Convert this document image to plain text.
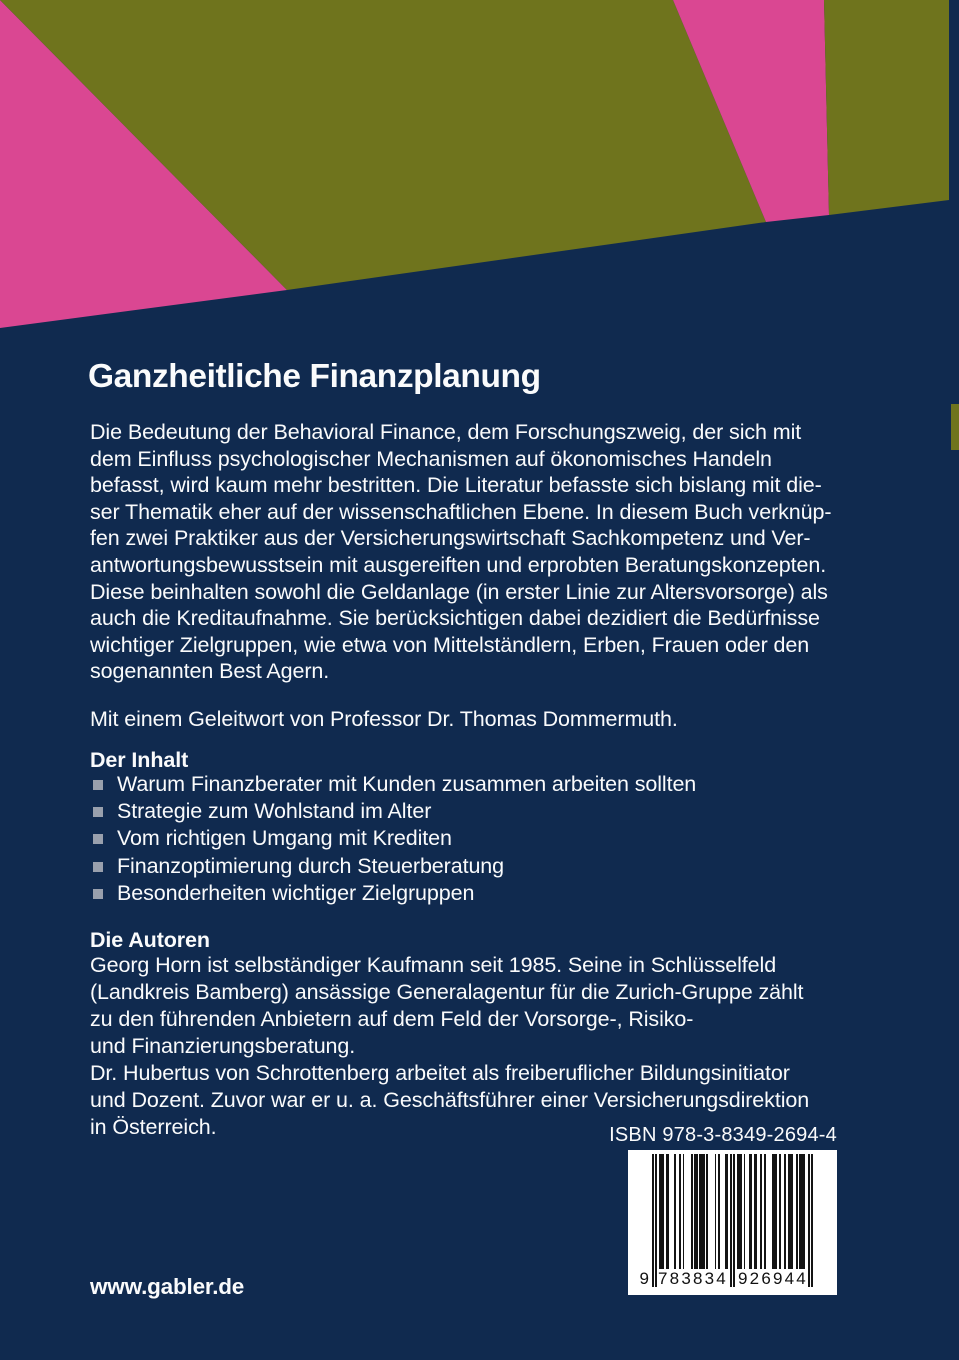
Ganzheitliche Finanzplanung
Die Bedeutung der Behavioral Finance, dem Forschungszweig, der sich mit
dem Einfluss psychologischer Mechanismen auf ökonomisches Handeln
befasst, wird kaum mehr bestritten. Die Literatur befasste sich bislang mit die-
ser Thematik eher auf der wissenschaftlichen Ebene. In diesem Buch verknüp-
fen zwei Praktiker aus der Versicherungswirtschaft Sachkompetenz und Ver-
antwortungsbewusstsein mit ausgereiften und erprobten Beratungskonzepten.
Diese beinhalten sowohl die Geldanlage (in erster Linie zur Altersvorsorge) als
auch die Kreditaufnahme. Sie berücksichtigen dabei dezidiert die Bedürfnisse
wichtiger Zielgruppen, wie etwa von Mittelständlern, Erben, Frauen oder den
sogenannten Best Agern.
Mit einem Geleitwort von Professor Dr. Thomas Dommermuth.
Der Inhalt
Warum Finanzberater mit Kunden zusammen arbeiten sollten
Strategie zum Wohlstand im Alter
Vom richtigen Umgang mit Krediten
Finanzoptimierung durch Steuerberatung
Besonderheiten wichtiger Zielgruppen
Die Autoren
Georg Horn ist selbständiger Kaufmann seit 1985. Seine in Schlüsselfeld
(Landkreis Bamberg) ansässige Generalagentur für die Zurich-Gruppe zählt
zu den führenden Anbietern auf dem Feld der Vorsorge-, Risiko-
und Finanzierungsberatung.
Dr. Hubertus von Schrottenberg arbeitet als freiberuflicher Bildungsinitiator
und Dozent. Zuvor war er u. a. Geschäftsführer einer Versicherungsdirektion
in Österreich.	ISBN 978-3-8349-2694-4
9 783834 926944
www.gabler.de
